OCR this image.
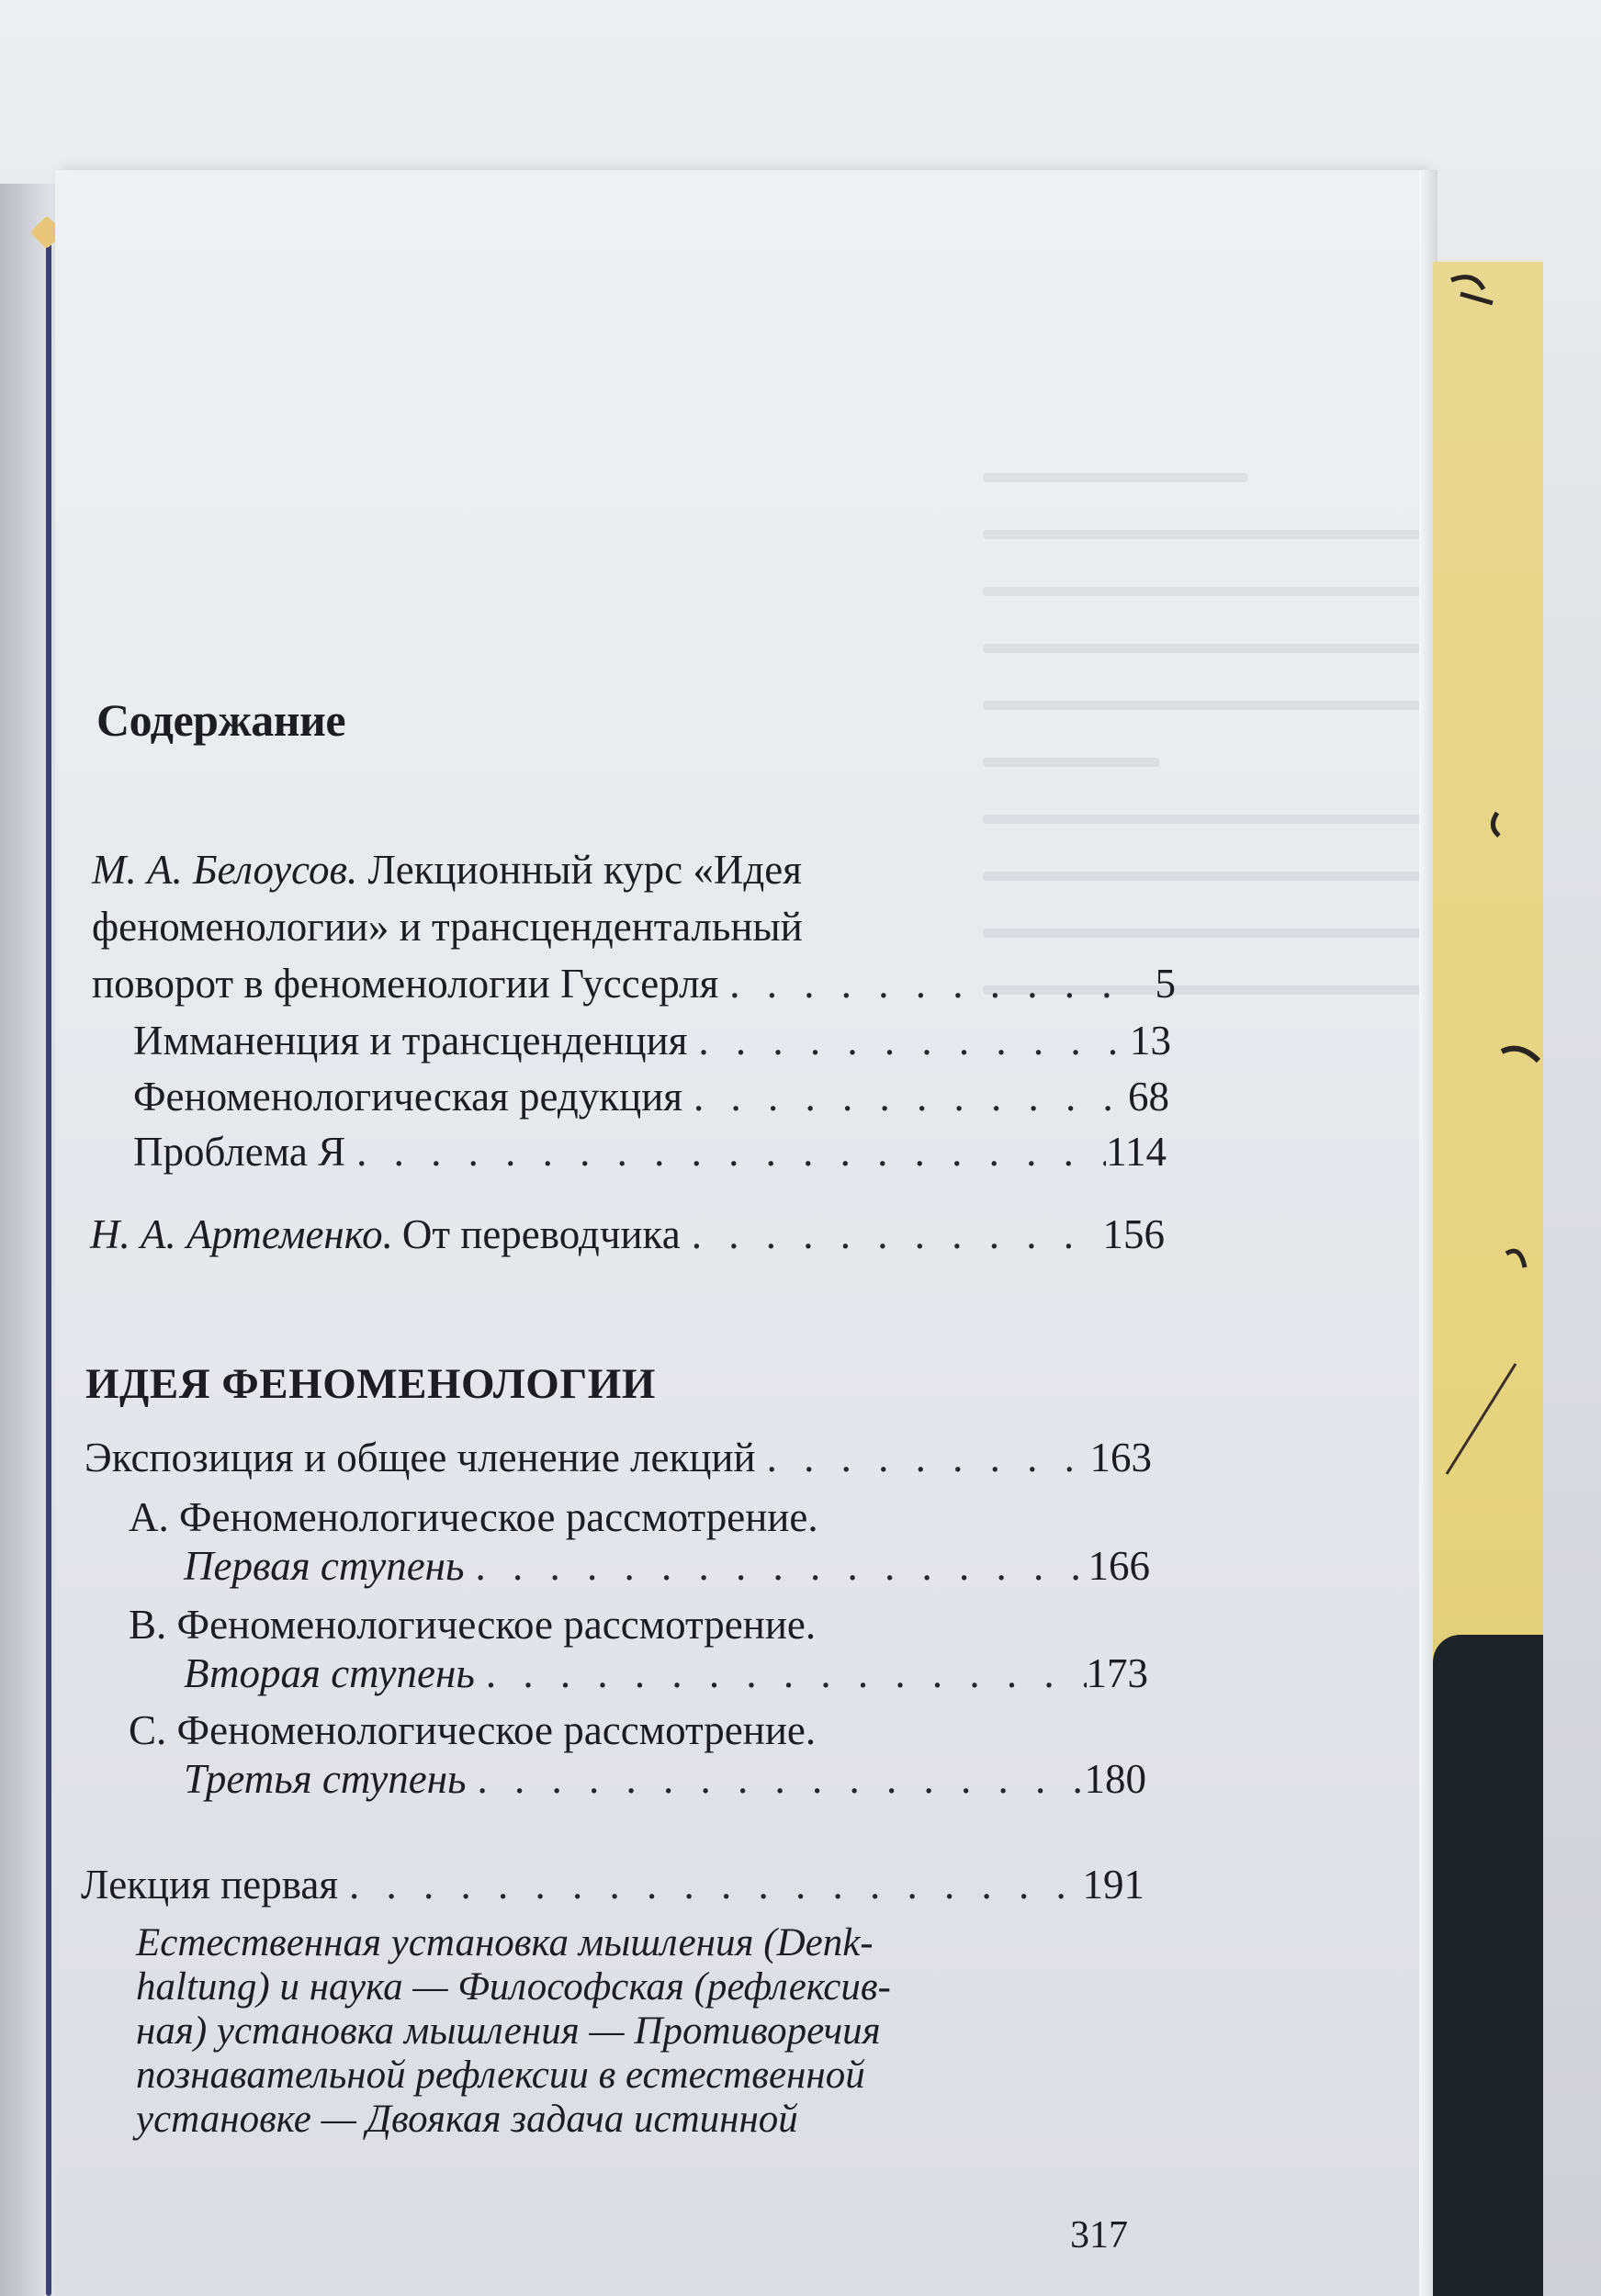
Содержание
М. А. Белоусов. Лекционный курс «Идея
феноменологии» и трансцендентальный
поворот в феноменологии Гуссерля . . .	5
Имманенция и трансценденция . . .	13
Феноменологическая редукция . . .	68
Проблема Я . . .	114
Н. А. Артеменко. От переводчика . . .	156
ИДЕЯ ФЕНОМЕНОЛОГИИ
Экспозиция и общее членение лекций . . .	163
A. Феноменологическое рассмотрение.
Первая ступень . . .	166
B. Феноменологическое рассмотрение.
Вторая ступень . . .	173
C. Феноменологическое рассмотрение.
Третья ступень . . .	180
Лекция первая . . .	191
Естественная установка мышления (Denk-
haltung) и наука — Философская (рефлексив-
ная) установка мышления — Противоречия
познавательной рефлексии в естественной
установке — Двоякая задача истинной
317
